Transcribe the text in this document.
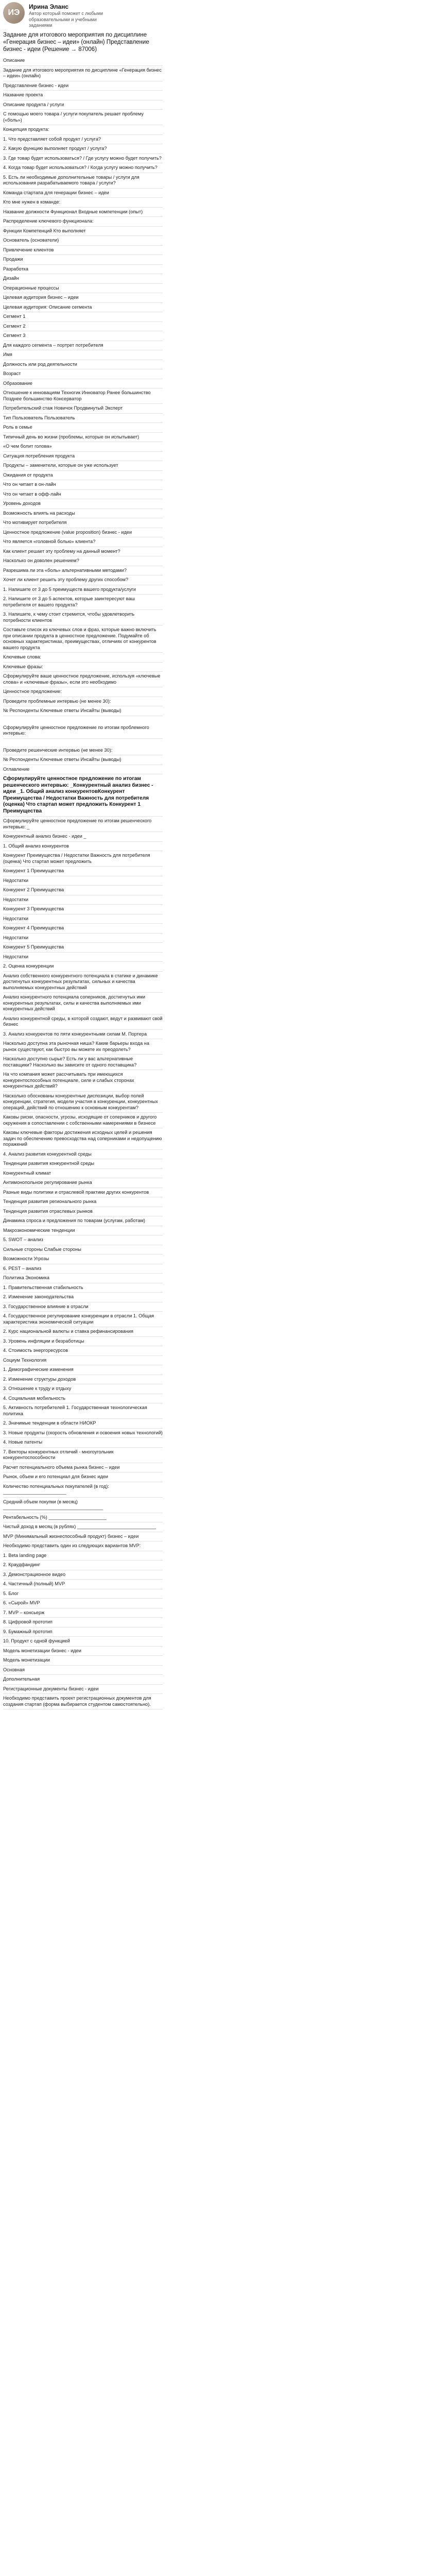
ИЭ
Ирина Эланс
Автор который поможет с любыми образовательными и учебными заданиями
Задание для итогового мероприятия по дисциплине «Генерация бизнес – идеи» (онлайн) Представление бизнес - идеи (Решение → 87006)
Описание
Задание для итогового мероприятия по дисциплине «Генерация бизнес – идеи» (онлайн)
Представление бизнес - идеи
Название проекта
Описание продукта / услуги
С помощью моего товара / услуги покупатель решает проблему («боль»)
Концепция продукта:
1. Что представляет собой продукт / услуга?
2. Какую функцию выполняет продукт / услуга?
3. Где товар будет использоваться? / Где услугу можно будет получить?
4. Когда товар будет использоваться? / Когда услугу можно получить?
5. Есть ли необходимые дополнительные товары / услуги для использования разрабатываемого товара / услуги?
Команда стартапа для генерации бизнес – идеи
Кто мне нужен в команде:
Название должности Функционал Входные компетенции (опыт)
Распределение ключевого функционала:
Функции Компетенций Кто выполняет
Основатель (основатели)
Привлечение клиентов
Продажи
Разработка
Дизайн
Операционные процессы
Целевая аудитория бизнес – идеи
Целевая аудитория: Описание сегмента
Сегмент 1
Сегмент 2
Сегмент 3
Для каждого сегмента – портрет потребителя
Имя
Должность или род деятельности
Возраст
Образование
Отношение к инновациям Техногик Инноватор Ранее большинство Позднее большинство Консерватор
Потребительский стаж Новичок Продвинутый Эксперт
Тип Пользователь Пользователь
Роль в семье
Типичный день во жизни (проблемы, которые он испытывает)
«О чем болит голова»
Ситуация потребления продукта
Продукты – заменители, которые он уже использует
Ожидания от продукта
Что он читает в он-лайн
Что он читает в офф-лайн
Уровень доходов
Возможность влиять на расходы
Что мотивирует потребителя
Ценностное предложение (value proposition) бизнес - идеи
Что является «головной болью» клиента?
Как клиент решает эту проблему на данный момент?
Насколько он доволен решением?
Разрешима ли эта «боль» альтернативными методами?
Хочет ли клиент решить эту проблему других способом?
1. Напишите от 3 до 5 преимуществ вашего продукта/услуги
2. Напишите от 3 до 5 аспектов, которые заинтересуют ваш потребителя от вашего продукта?
3. Напишите, к чему стоит стремится, чтобы удовлетворить потребности клиентов
Составьте список из ключевых слов и фраз, которые важно включить при описании продукта в ценностное предложение. Подумайте об основных характеристиках, преимуществах, отличиях от конкурентов вашего продукта
Ключевые слова:
Ключевые фразы:
Сформулируйте ваше ценностное предложение, используя «ключевые слова» и «ключевые фразы», если это необходимо
Ценностное предложение:
Проведите проблемные интервью (не менее 30):
№ Респонденты Ключевые ответы Инсайты (выводы)
Сформулируйте ценностное предложение по итогам проблемного интервью:
Проведите решенческие интервью (не менее 30):
№ Респонденты Ключевые ответы Инсайты (выводы)
Оглавление
Сформулируйте ценностное предложение по итогам решенческого интервью: _Конкурентный анализ бизнес - идеи _1. Общий анализ конкурентовКонкурент Преимущества / Недостатки Важность для потребителя (оценка) Что стартап может предложить Конкурент 1 Преимущества
Сформулируйте ценностное предложение по итогам решенческого интервью: _
Конкурентный анализ бизнес - идеи _
1. Общий анализ конкурентов
Конкурент Преимущества / Недостатки Важность для потребителя (оценка) Что стартап может предложить
Конкурент 1 Преимущества
Недостатки
Конкурент 2 Преимущества
Недостатки
Конкурент 3 Преимущества
Недостатки
Конкурент 4 Преимущества
Недостатки
Конкурент 5 Преимущества
Недостатки
2. Оценка конкуренции
Анализ собственного конкурентного потенциала в статике и динамике достигнутых конкурентных результатах, сильных и качества выполняемых конкурентных действий
Анализ конкурентного потенциала соперников, достигнутых ими конкурентных результатах, силы и качества выполняемых ими конкурентных действий
Анализ конкурентной среды, в которой создают, ведут и развивают свой бизнес
3. Анализ конкурентов по пяти конкурентными силам М. Портера
Насколько доступна эта рыночная ниша? Какие барьеры входа на рынок существуют, как быстро вы можете их преодолеть?
Насколько доступно сырье? Есть ли у вас альтернативные поставщики? Насколько вы зависите от одного поставщика?
На что компания может рассчитывать при имеющихся конкурентоспособных потенциале, силе и слабых сторонах конкурентных действий?
Насколько обоснованы конкурентные диспозиции, выбор полей конкуренции, стратегия, модели участия в конкуренции, конкурентных операций, действий по отношению к основным конкурентам?
Каковы риски, опасности, угрозы, исходящие от соперников и другого окружения в сопоставлении с собственными намерениями в бизнесе
Каковы ключевые факторы достижения исходных целей и решения задач по обеспечению превосходства над соперниками и недопущению поражений
4. Анализ развития конкурентной среды
Тенденции развития конкурентной среды
Конкурентный климат
Антимонопольное регулирование рынка
Разные виды политики и отраслевой практики других конкурентов
Тенденция развития регионального рынка
Тенденция развития отраслевых рынков
Динамика спроса и предложения по товарам (услугам, работам)
Макроэкономические тенденции
5. SWOT – анализ
Сильные стороны Слабые стороны
Возможности Угрозы
6. PEST – анализ
Политика Экономика
1. Правительственная стабильность
2. Изменение законодательства
3. Государственное влияние в отрасли
4. Государственное регулирование конкуренции в отрасли 1. Общая характеристика экономической ситуации
2. Курс национальной валюты и ставка рефинансирования
3. Уровень инфляции и безработицы
4. Стоимость энергоресурсов
Социум Технология
1. Демографические изменения
2. Изменение структуры доходов
3. Отношение к труду и отдыху
4. Социальная мобильность
5. Активность потребителей 1. Государственная технологическая политика
2. Значимые тенденции в области НИОКР
3. Новые продукты (скорость обновления и освоения новых технологий)
4. Новые патенты
7. Векторы конкурентных отличий - многоугольник конкурентоспособности
Расчет потенциального объема рынка бизнес – идеи
Рынок, объем и его потенциал для бизнес идеи
Количество потенциальных покупателей (в год): ________________________
Средний объем покупки (в месяц) ______________________________________
Рентабельность (%) ______________________
Чистый доход в месяц (в рублях) ______________________________
MVP (Минимальный жизнеспособный продукт) бизнес – идеи
Необходимо представить один из следующих вариантов MVP:
1. Beta landing page
2. Краудфандинг
3. Демонстрационное видео
4. Частичный (полный) MVP
5. Блог
6. «Сырой» MVP
7. MVP – консьерж
8. Цифровой прототип
9. Бумажный прототип
10. Продукт с одной функцией
Модель монетизации бизнес - идеи
Модель монетизации
Основная
Дополнительная
Регистрационные документы бизнес - идеи
Необходимо представить проект регистрационных документов для создания стартап (форма выбирается студентом самостоятельно).
